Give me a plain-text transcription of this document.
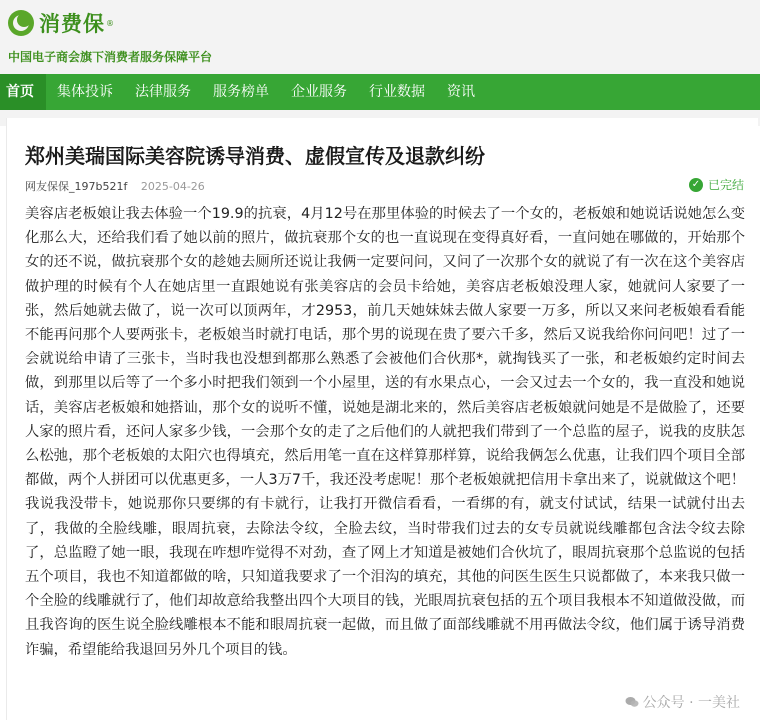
消费保 ®
中国电子商会旗下消费者服务保障平台
首页	集体投诉	法律服务	服务榜单	企业服务	行业数据	资讯
郑州美瑞国际美容院诱导消费、虚假宣传及退款纠纷
网友保保_197b521f 2025-04-26	✓ 已完结

美容店老板娘让我去体验一个19.9的抗衰，4月12号在那里体验的时候去了一个女的，老板娘和她说话说她怎么变化那么大，还给我们看了她以前的照片，做抗衰那个女的也一直说现在变得真好看，一直问她在哪做的，开始那个女的还不说，做抗衰那个女的趁她去厕所还说让我俩一定要问问，又问了一次那个女的就说了有一次在这个美容店做护理的时候有个人在她店里一直跟她说有张美容店的会员卡给她，美容店老板娘没理人家，她就问人家要了一张，然后她就去做了，说一次可以顶两年，才2953，前几天她妹妹去做人家要一万多，所以又来问老板娘看看能不能再问那个人要两张卡，老板娘当时就打电话，那个男的说现在贵了要六千多，然后又说我给你问问吧！过了一会就说给申请了三张卡，当时我也没想到都那么熟悉了会被他们合伙那*，就掏钱买了一张，和老板娘约定时间去做，到那里以后等了一个多小时把我们领到一个小屋里，送的有水果点心，一会又过去一个女的，我一直没和她说话，美容店老板娘和她搭讪，那个女的说听不懂，说她是湖北来的，然后美容店老板娘就问她是不是做脸了，还要人家的照片看，还问人家多少钱，一会那个女的走了之后他们的人就把我们带到了一个总监的屋子，说我的皮肤怎么松弛，那个老板娘的太阳穴也得填充，然后用笔一直在这样算那样算，说给我俩怎么优惠，让我们四个项目全部都做，两个人拼团可以优惠更多，一人3万7千，我还没考虑呢！那个老板娘就把信用卡拿出来了，说就做这个吧！我说我没带卡，她说那你只要绑的有卡就行，让我打开微信看看，一看绑的有，就支付试试，结果一试就付出去了，我做的全脸线雕，眼周抗衰，去除法令纹，全脸去纹，当时带我们过去的女专员就说线雕都包含法令纹去除了，总监瞪了她一眼，我现在咋想咋觉得不对劲，查了网上才知道是被她们合伙坑了，眼周抗衰那个总监说的包括五个项目，我也不知道都做的啥，只知道我要求了一个泪沟的填充，其他的问医生医生只说都做了，本来我只做一个全脸的线雕就行了，他们却故意给我整出四个大项目的钱，光眼周抗衰包括的五个项目我根本不知道做没做，而且我咨询的医生说全脸线雕根本不能和眼周抗衰一起做，而且做了面部线雕就不用再做法令纹，他们属于诱导消费诈骗，希望能给我退回另外几个项目的钱。

公众号 · 一美社
